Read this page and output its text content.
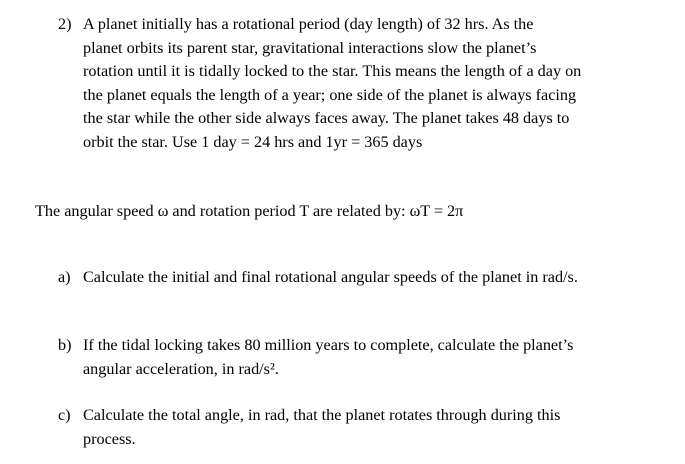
2) A planet initially has a rotational period (day length) of 32 hrs. As the
planet orbits its parent star, gravitational interactions slow the planet’s
rotation until it is tidally locked to the star. This means the length of a day on
the planet equals the length of a year; one side of the planet is always facing
the star while the other side always faces away. The planet takes 48 days to
orbit the star. Use 1 day = 24 hrs and 1yr = 365 days
The angular speed ω and rotation period T are related by: ωT = 2π
a) Calculate the initial and final rotational angular speeds of the planet in rad/s.
b) If the tidal locking takes 80 million years to complete, calculate the planet’s
angular acceleration, in rad/s².
c) Calculate the total angle, in rad, that the planet rotates through during this
process.
